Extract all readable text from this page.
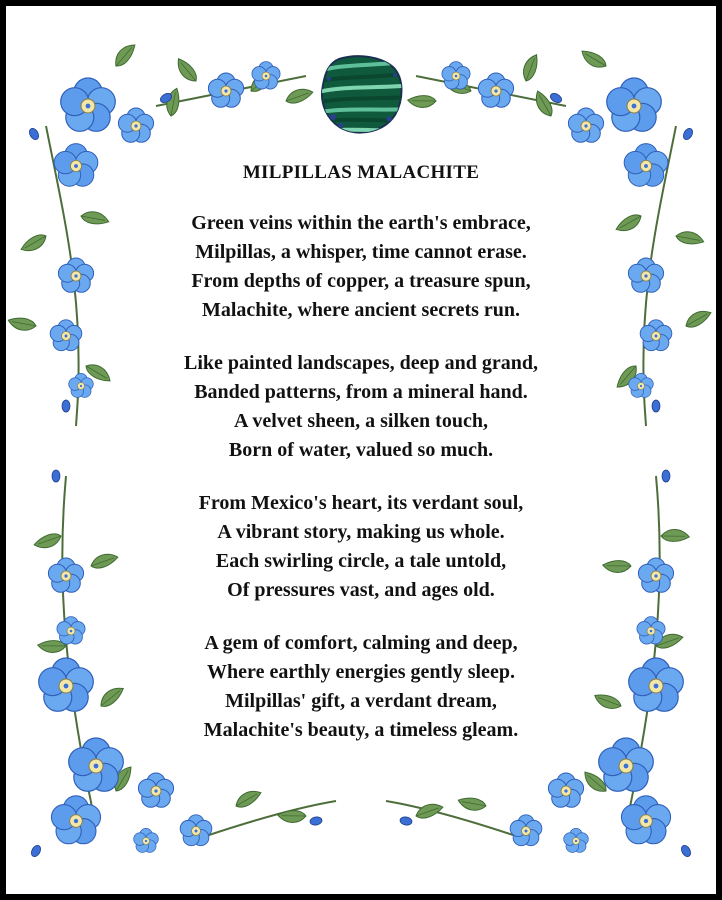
MILPILLAS MALACHITE
Green veins within the earth's embrace,
Milpillas, a whisper, time cannot erase.
From depths of copper, a treasure spun,
Malachite, where ancient secrets run.
Like painted landscapes, deep and grand,
Banded patterns, from a mineral hand.
A velvet sheen, a silken touch,
Born of water, valued so much.
From Mexico's heart, its verdant soul,
A vibrant story, making us whole.
Each swirling circle, a tale untold,
Of pressures vast, and ages old.
A gem of comfort, calming and deep,
Where earthly energies gently sleep.
Milpillas' gift, a verdant dream,
Malachite's beauty, a timeless gleam.
